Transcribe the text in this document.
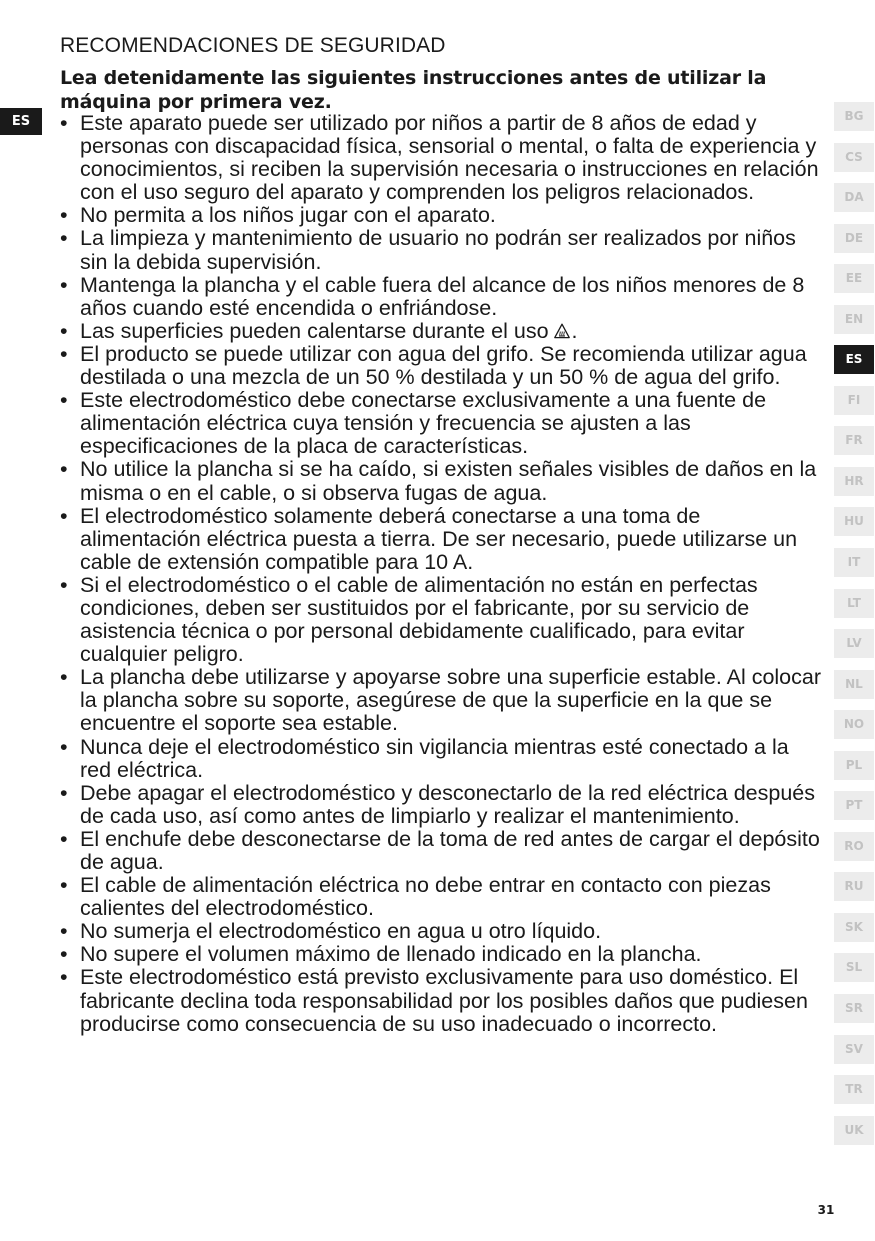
ES
RECOMENDACIONES DE SEGURIDAD
Lea detenidamente las siguientes instrucciones antes de utilizar la máquina por primera vez.
• Este aparato puede ser utilizado por niños a partir de 8 años de edad y personas con discapacidad física, sensorial o mental, o falta de experiencia y conocimientos, si reciben la supervisión necesaria o instrucciones en relación con el uso seguro del aparato y comprenden los peligros relacionados.
• No permita a los niños jugar con el aparato.
• La limpieza y mantenimiento de usuario no podrán ser realizados por niños sin la debida supervisión.
• Mantenga la plancha y el cable fuera del alcance de los niños menores de 8 años cuando esté encendida o enfriándose.
• Las superficies pueden calentarse durante el uso .
• El producto se puede utilizar con agua del grifo. Se recomienda utilizar agua destilada o una mezcla de un 50 % destilada y un 50 % de agua del grifo.
• Este electrodoméstico debe conectarse exclusivamente a una fuente de alimentación eléctrica cuya tensión y frecuencia se ajusten a las especificaciones de la placa de características.
• No utilice la plancha si se ha caído, si existen señales visibles de daños en la misma o en el cable, o si observa fugas de agua.
• El electrodoméstico solamente deberá conectarse a una toma de alimentación eléctrica puesta a tierra. De ser necesario, puede utilizarse un cable de extensión compatible para 10 A.
• Si el electrodoméstico o el cable de alimentación no están en perfectas condiciones, deben ser sustituidos por el fabricante, por su servicio de asistencia técnica o por personal debidamente cualificado, para evitar cualquier peligro.
• La plancha debe utilizarse y apoyarse sobre una superficie estable. Al colocar la plancha sobre su soporte, asegúrese de que la superficie en la que se encuentre el soporte sea estable.
• Nunca deje el electrodoméstico sin vigilancia mientras esté conectado a la red eléctrica.
• Debe apagar el electrodoméstico y desconectarlo de la red eléctrica después de cada uso, así como antes de limpiarlo y realizar el mantenimiento.
• El enchufe debe desconectarse de la toma de red antes de cargar el depósito de agua.
• El cable de alimentación eléctrica no debe entrar en contacto con piezas calientes del electrodoméstico.
• No sumerja el electrodoméstico en agua u otro líquido.
• No supere el volumen máximo de llenado indicado en la plancha.
• Este electrodoméstico está previsto exclusivamente para uso doméstico. El fabricante declina toda responsabilidad por los posibles daños que pudiesen producirse como consecuencia de su uso inadecuado o incorrecto.
BG
CS
DA
DE
EE
EN
ES
FI
FR
HR
HU
IT
LT
LV
NL
NO
PL
PT
RO
RU
SK
SL
SR
SV
TR
UK
31
